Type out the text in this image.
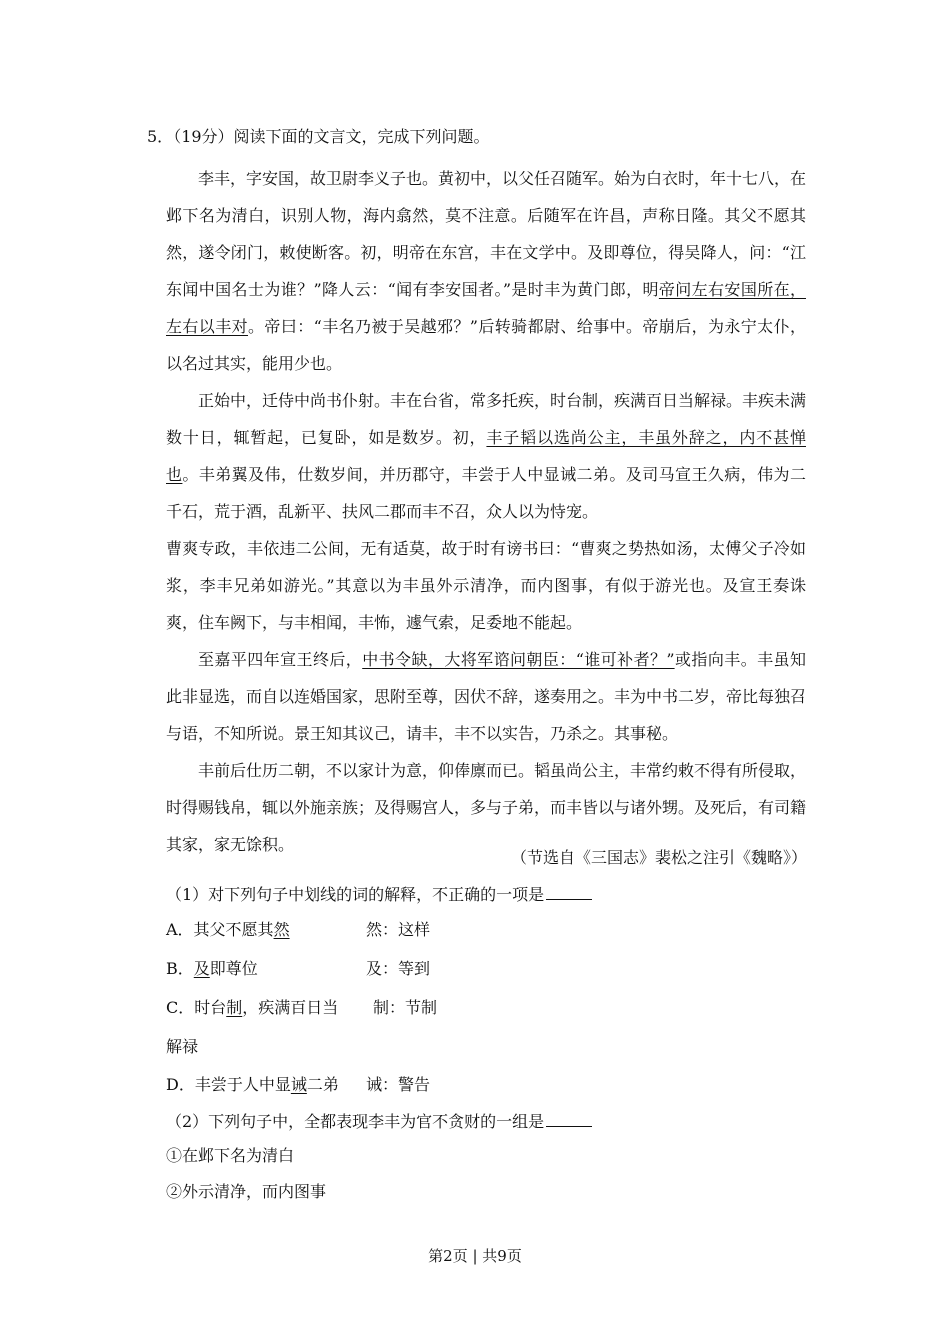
5．（19分）阅读下面的文言文，完成下列问题。

李丰，字安国，故卫尉李义子也。黄初中，以父任召随军。始为白衣时，年十七八，在邺下名为清白，识别人物，海内翕然，莫不注意。后随军在许昌，声称日隆。其父不愿其然，遂令闭门，敕使断客。初，明帝在东宫，丰在文学中。及即尊位，得吴降人，问：“江东闻中国名士为谁？”降人云：“闻有李安国者。”是时丰为黄门郎，明帝问左右安国所在，左右以丰对。帝曰：“丰名乃被于吴越邪？”后转骑都尉、给事中。帝崩后，为永宁太仆，以名过其实，能用少也。

正始中，迁侍中尚书仆射。丰在台省，常多托疾，时台制，疾满百日当解禄。丰疾未满数十日，辄暂起，已复卧，如是数岁。初，丰子韬以选尚公主，丰虽外辞之，内不甚惮也。丰弟翼及伟，仕数岁间，并历郡守，丰尝于人中显诫二弟。及司马宣王久病，伟为二千石，荒于酒，乱新平、扶风二郡而丰不召，众人以为恃宠。

曹爽专政，丰依违二公间，无有适莫，故于时有谤书曰：“曹爽之势热如汤，太傅父子冷如浆，李丰兄弟如游光。”其意以为丰虽外示清净，而内图事，有似于游光也。及宣王奏诛爽，住车阙下，与丰相闻，丰怖，遽气索，足委地不能起。

至嘉平四年宣王终后，中书令缺，大将军谘问朝臣：“谁可补者？”或指向丰。丰虽知此非显选，而自以连婚国家，思附至尊，因伏不辞，遂奏用之。丰为中书二岁，帝比每独召与语，不知所说。景王知其议己，请丰，丰不以实告，乃杀之。其事秘。

丰前后仕历二朝，不以家计为意，仰俸廪而已。韬虽尚公主，丰常约敕不得有所侵取，时得赐钱帛，辄以外施亲族；及得赐宫人，多与子弟，而丰皆以与诸外甥。及死后，有司籍其家，家无馀积。

（节选自《三国志》裴松之注引《魏略》）
（1）对下列句子中划线的词的解释，不正确的一项是
A．其父不愿其然	然：这样
B．及即尊位	及：等到
C．时台制，疾满百日当 制：节制
解禄
D．丰尝于人中显诫二弟 诫：警告
（2）下列句子中，全都表现李丰为官不贪财的一组是
①在邺下名为清白
②外示清净，而内图事
第2页 | 共9页
